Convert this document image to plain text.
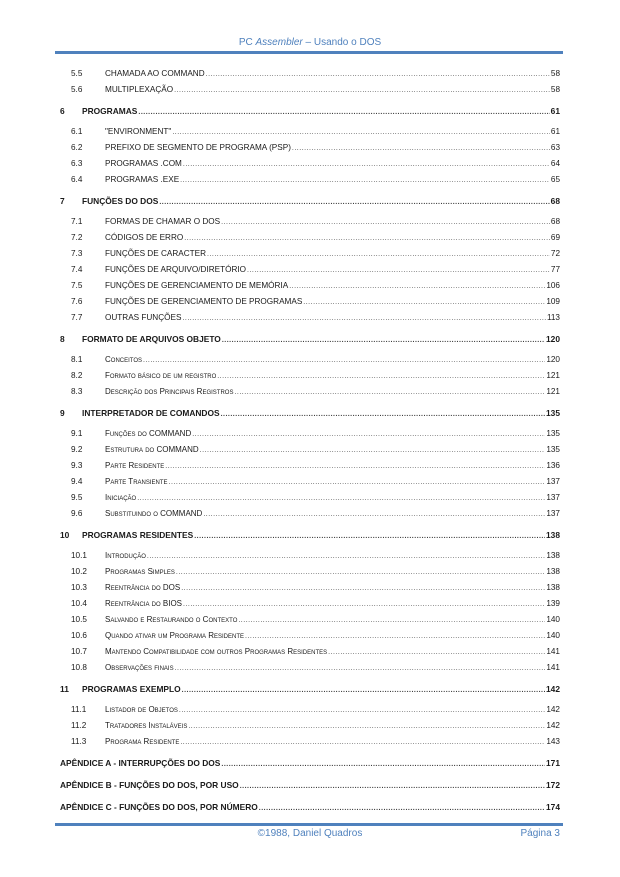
PC Assembler – Usando o DOS
5.5	CHAMADA AO COMMAND .....	58
5.6	MULTIPLEXAÇÃO .....	58
6	PROGRAMAS .....	61
6.1	"ENVIRONMENT" .....	61
6.2	PREFIXO DE SEGMENTO DE PROGRAMA (PSP) .....	63
6.3	PROGRAMAS .COM .....	64
6.4	PROGRAMAS .EXE .....	65
7	FUNÇÕES DO DOS .....	68
7.1	FORMAS DE CHAMAR O DOS .....	68
7.2	CÓDIGOS DE ERRO .....	69
7.3	FUNÇÕES DE CARACTER .....	72
7.4	FUNÇÕES DE ARQUIVO/DIRETÓRIO .....	77
7.5	FUNÇÕES DE GERENCIAMENTO DE MEMÓRIA .....	106
7.6	FUNÇÕES DE GERENCIAMENTO DE PROGRAMAS .....	109
7.7	OUTRAS FUNÇÕES .....	113
8	FORMATO DE ARQUIVOS OBJETO .....	120
8.1	Conceitos .....	120
8.2	Formato básico de um registro .....	121
8.3	Descrição dos Principais Registros .....	121
9	INTERPRETADOR DE COMANDOS .....	135
9.1	Funções do COMMAND .....	135
9.2	Estrutura do COMMAND .....	135
9.3	Parte Residente .....	136
9.4	Parte Transiente .....	137
9.5	Iniciação .....	137
9.6	Substituindo o COMMAND .....	137
10	PROGRAMAS RESIDENTES .....	138
10.1	Introdução .....	138
10.2	Programas Simples .....	138
10.3	Reentrância do DOS .....	138
10.4	Reentrância do BIOS .....	139
10.5	Salvando e Restaurando o Contexto .....	140
10.6	Quando ativar um Programa Residente .....	140
10.7	Mantendo Compatibilidade com outros Programas Residentes .....	141
10.8	Observações finais .....	141
11	PROGRAMAS EXEMPLO .....	142
11.1	Listador de Objetos .....	142
11.2	Tratadores Instaláveis .....	142
11.3	Programa Residente .....	143
APÊNDICE A - INTERRUPÇÕES DO DOS .....	171
APÊNDICE B - FUNÇÕES DO DOS, POR USO .....	172
APÊNDICE C - FUNÇÕES DO DOS, POR NÚMERO .....	174
©1988, Daniel Quadros	Página 3
